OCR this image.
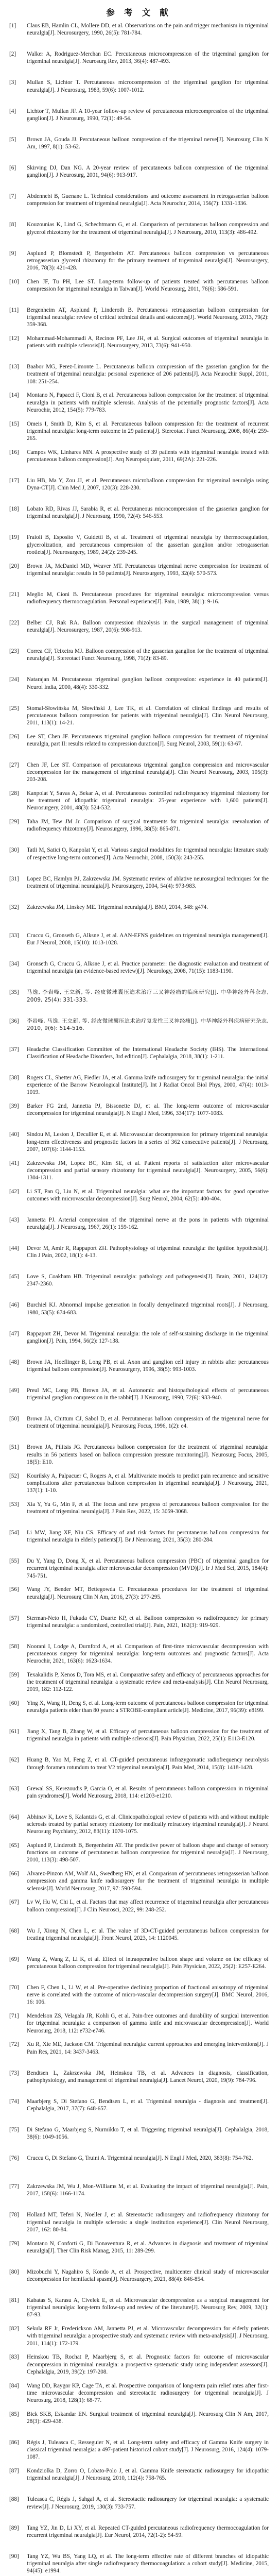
参 考 文 献
[1]	Claus EB, Hamlin CL, Mollere DD, et al. Observations on the pain and trigger mechanism in trigeminal neuralgia[J]. Neurosurgery, 1990, 26(5): 781-784.
[2]	Walker A, Rodriguez-Merchan EC. Percutaneous microcompression of the trigeminal ganglion for trigeminal neuralgia[J]. Neurosurg Rev, 2013, 36(4): 487-493.
[3]	Mullan S, Lichtor T. Percutaneous microcompression of the trigeminal ganglion for trigeminal neuralgia[J]. J Neurosurg, 1983, 59(6): 1007-1012.
[4]	Lichtor T, Mullan JF. A 10-year follow-up review of percutaneous microcompression of the trigeminal ganglion[J]. J Neurosurg, 1990, 72(1): 49-54.
[5]	Brown JA, Gouda JJ. Percutaneous balloon compression of the trigeminal nerve[J]. Neurosurg Clin N Am, 1997, 8(1): 53-62.
[6]	Skirving DJ, Dan NG. A 20-year review of percutaneous balloon compression of the trigeminal ganglion[J]. J Neurosurg, 2001, 94(6): 913-917.
[7]	Abdennebi B, Guenane L. Technical considerations and outcome assessment in retrogasserian balloon compression for treatment of trigeminal neuralgia[J]. Acta Neurochir, 2014, 156(7): 1331-1336.
[8]	Kouzounias K, Lind G, Schechtmann G, et al. Comparison of percutaneous balloon compression and glycerol rhizotomy for the treatment of trigeminal neuralgia[J]. J Neurosurg, 2010, 113(3): 486-492.
[9]	Asplund P, Blomstedt P, Bergenheim AT. Percutaneous balloon compression vs percutaneous retrogasserian glycerol rhizotomy for the primary treatment of trigeminal neuralgia[J]. Neurosurgery, 2016, 78(3): 421-428.
[10]	Chen JF, Tu PH, Lee ST. Long-term follow-up of patients treated with percutaneous balloon compression for trigeminal neuralgia in Taiwan[J]. World Neurosurg, 2011, 76(6): 586-591.
[11]	Bergenheim AT, Asplund P, Linderoth B. Percutaneous retrogasserian balloon compression for trigeminal neuralgia: review of critical technical details and outcomes[J]. World Neurosurg, 2013, 79(2): 359-368.
[12]	Mohammad-Mohammadi A, Recinos PF, Lee JH, et al. Surgical outcomes of trigeminal neuralgia in patients with multiple sclerosis[J]. Neurosurgery, 2013, 73(6): 941-950.
[13]	Baabor MG, Perez-Limonte L. Percutaneous balloon compression of the gasserian ganglion for the treatment of trigeminal neuralgia: personal experience of 206 patients[J]. Acta Neurochir Suppl, 2011, 108: 251-254.
[14]	Montano N, Papacci F, Cioni B, et al. Percutaneous balloon compression for the treatment of trigeminal neuralgia in patients with multiple sclerosis. Analysis of the potentially prognostic factors[J]. Acta Neurochir, 2012, 154(5): 779-783.
[15]	Omeis I, Smith D, Kim S, et al. Percutaneous balloon compression for the treatment of recurrent trigeminal neuralgia: long-term outcome in 29 patients[J]. Stereotact Funct Neurosurg, 2008, 86(4): 259-265.
[16]	Campos WK, Linhares MN. A prospective study of 39 patients with trigeminal neuralgia treated with percutaneous balloon compression[J]. Arq Neuropsiquiatr, 2011, 69(2A): 221-226.
[17]	Liu HB, Ma Y, Zou JJ, et al. Percutaneous microballoon compression for trigeminal neuralgia using Dyna-CT[J]. Chin Med J, 2007, 120(3): 228-230.
[18]	Lobato RD, Rivas JJ, Sarabia R, et al. Percutaneous microcompression of the gasserian ganglion for trigeminal neuralgia[J]. J Neurosurg, 1990, 72(4): 546-553.
[19]	Fraioli B, Esposito V, Guidetti B, et al. Treatment of trigeminal neuralgia by thermocoagulation, glycerolization, and percutaneous compression of the gasserian ganglion and/or retrogasserian rootlets[J]. Neurosurgery, 1989, 24(2): 239-245.
[20]	Brown JA, McDaniel MD, Weaver MT. Percutaneous trigeminal nerve compression for treatment of trigeminal neuralgia: results in 50 patients[J]. Neurosurgery, 1993, 32(4): 570-573.
[21]	Meglio M, Cioni B. Percutaneous procedures for trigeminal neuralgia: microcompression versus radiofrequency thermocoagulation. Personal experience[J]. Pain, 1989, 38(1): 9-16.
[22]	Belber CJ, Rak RA. Balloon compression rhizolysis in the surgical management of trigeminal neuralgia[J]. Neurosurgery, 1987, 20(6): 908-913.
[23]	Correa CF, Teixeira MJ. Balloon compression of the gasserian ganglion for the treatment of trigeminal neuralgia[J]. Stereotact Funct Neurosurg, 1998, 71(2): 83-89.
[24]	Natarajan M. Percutaneous trigeminal ganglion balloon compression: experience in 40 patients[J]. Neurol India, 2000, 48(4): 330-332.
[25]	Stomal-Słowińska M, Słowiński J, Lee TK, et al. Correlation of clinical findings and results of percutaneous balloon compression for patients with trigeminal neuralgia[J]. Clin Neurol Neurosurg, 2011, 113(1): 14-21.
[26]	Lee ST, Chen JF. Percutaneous trigeminal ganglion balloon compression for treatment of trigeminal neuralgia, part II: results related to compression duration[J]. Surg Neurol, 2003, 59(1): 63-67.
[27]	Chen JF, Lee ST. Comparison of percutaneous trigeminal ganglion compression and microvascular decompression for the management of trigeminal neuralgia[J]. Clin Neurol Neurosurg, 2003, 105(3): 203-208.
[28]	Kanpolat Y, Savas A, Bekar A, et al. Percutaneous controlled radiofrequency trigeminal rhizotomy for the treatment of idiopathic trigeminal neuralgia: 25-year experience with 1,600 patients[J]. Neurosurgery, 2001, 48(3): 524-532.
[29]	Taha JM, Tew JM Jr. Comparison of surgical treatments for trigeminal neuralgia: reevaluation of radiofrequency rhizotomy[J]. Neurosurgery, 1996, 38(5): 865-871.
[30]	Tatli M, Satici O, Kanpolat Y, et al. Various surgical modalities for trigeminal neuralgia: literature study of respective long-term outcomes[J]. Acta Neurochir, 2008, 150(3): 243-255.
[31]	Lopez BC, Hamlyn PJ, Zakrzewska JM. Systematic review of ablative neurosurgical techniques for the treatment of trigeminal neuralgia[J]. Neurosurgery, 2004, 54(4): 973-983.
[32]	Zakrzewska JM, Linskey ME. Trigeminal neuralgia[J]. BMJ, 2014, 348: g474.
[33]	Cruccu G, Gronseth G, Alksne J, et al. AAN-EFNS guidelines on trigeminal neuralgia management[J]. Eur J Neurol, 2008, 15(10): 1013-1028.
[34]	Gronseth G, Cruccu G, Alksne J, et al. Practice parameter: the diagnostic evaluation and treatment of trigeminal neuralgia (an evidence-based review)[J]. Neurology, 2008, 71(15): 1183-1190.
[35]	马逸, 李岩峰, 王立新, 等. 经皮微球囊压迫术治疗三叉神经痛的临床研究[J]. 中华神经外科杂志, 2009, 25(4): 331-333.
[36]	李岩峰, 马逸, 王立新, 等. 经皮微球囊压迫术治疗复发性三叉神经痛[J]. 中华神经外科疾病研究杂志, 2010, 9(6): 514-516.
[37]	Headache Classification Committee of the International Headache Society (IHS). The International Classification of Headache Disorders, 3rd edition[J]. Cephalalgia, 2018, 38(1): 1-211.
[38]	Rogers CL, Shetter AG, Fiedler JA, et al. Gamma knife radiosurgery for trigeminal neuralgia: the initial experience of the Barrow Neurological Institute[J]. Int J Radiat Oncol Biol Phys, 2000, 47(4): 1013-1019.
[39]	Barker FG 2nd, Jannetta PJ, Bissonette DJ, et al. The long-term outcome of microvascular decompression for trigeminal neuralgia[J]. N Engl J Med, 1996, 334(17): 1077-1083.
[40]	Sindou M, Leston J, Decullier E, et al. Microvascular decompression for primary trigeminal neuralgia: long-term effectiveness and prognostic factors in a series of 362 consecutive patients[J]. J Neurosurg, 2007, 107(6): 1144-1153.
[41]	Zakrzewska JM, Lopez BC, Kim SE, et al. Patient reports of satisfaction after microvascular decompression and partial sensory rhizotomy for trigeminal neuralgia[J]. Neurosurgery, 2005, 56(6): 1304-1311.
[42]	Li ST, Pan Q, Liu N, et al. Trigeminal neuralgia: what are the important factors for good operative outcomes with microvascular decompression[J]. Surg Neurol, 2004, 62(5): 400-404.
[43]	Jannetta PJ. Arterial compression of the trigeminal nerve at the pons in patients with trigeminal neuralgia[J]. J Neurosurg, 1967, 26(1): 159-162.
[44]	Devor M, Amir R, Rappaport ZH. Pathophysiology of trigeminal neuralgia: the ignition hypothesis[J]. Clin J Pain, 2002, 18(1): 4-13.
[45]	Love S, Coakham HB. Trigeminal neuralgia: pathology and pathogenesis[J]. Brain, 2001, 124(12): 2347-2360.
[46]	Burchiel KJ. Abnormal impulse generation in focally demyelinated trigeminal roots[J]. J Neurosurg, 1980, 53(5): 674-683.
[47]	Rappaport ZH, Devor M. Trigeminal neuralgia: the role of self-sustaining discharge in the trigeminal ganglion[J]. Pain, 1994, 56(2): 127-138.
[48]	Brown JA, Hoeflinger B, Long PB, et al. Axon and ganglion cell injury in rabbits after percutaneous trigeminal balloon compression[J]. Neurosurgery, 1996, 38(5): 993-1003.
[49]	Preul MC, Long PB, Brown JA, et al. Autonomic and histopathological effects of percutaneous trigeminal ganglion compression in the rabbit[J]. J Neurosurg, 1990, 72(6): 933-940.
[50]	Brown JA, Chittum CJ, Sabol D, et al. Percutaneous balloon compression of the trigeminal nerve for treatment of trigeminal neuralgia[J]. Neurosurg Focus, 1996, 1(2): e4.
[51]	Brown JA, Pilitsis JG. Percutaneous balloon compression for the treatment of trigeminal neuralgia: results in 56 patients based on balloon compression pressure monitoring[J]. Neurosurg Focus, 2005, 18(5): E10.
[52]	Kourilsky A, Palpacuer C, Rogers A, et al. Multivariate models to predict pain recurrence and sensitive complications after percutaneous balloon compression in trigeminal neuralgia[J]. J Neurosurg, 2021, 137(1): 1-10.
[53]	Xia Y, Yu G, Min F, et al. The focus and new progress of percutaneous balloon compression for the treatment of trigeminal neuralgia[J]. J Pain Res, 2022, 15: 3059-3068.
[54]	Li MW, Jiang XF, Niu CS. Efficacy of and risk factors for percutaneous balloon compression for trigeminal neuralgia in elderly patients[J]. Br J Neurosurg, 2021, 35(3): 280-284.
[55]	Du Y, Yang D, Dong X, et al. Percutaneous balloon compression (PBC) of trigeminal ganglion for recurrent trigeminal neuralgia after microvascular decompression (MVD)[J]. Ir J Med Sci, 2015, 184(4): 745-751.
[56]	Wang JY, Bender MT, Bettegowda C. Percutaneous procedures for the treatment of trigeminal neuralgia[J]. Neurosurg Clin N Am, 2016, 27(3): 277-295.
[57]	Sterman-Neto H, Fukuda CY, Duarte KP, et al. Balloon compression vs radiofrequency for primary trigeminal neuralgia: a randomized, controlled trial[J]. Pain, 2021, 162(3): 919-929.
[58]	Noorani I, Lodge A, Durnford A, et al. Comparison of first-time microvascular decompression with percutaneous surgery for trigeminal neuralgia: long-term outcomes and prognostic factors[J]. Acta Neurochir, 2021, 163(6): 1623-1634.
[59]	Texakalidis P, Xenos D, Tora MS, et al. Comparative safety and efficacy of percutaneous approaches for the treatment of trigeminal neuralgia: a systematic review and meta-analysis[J]. Clin Neurol Neurosurg, 2019, 182: 112-122.
[60]	Ying X, Wang H, Deng S, et al. Long-term outcome of percutaneous balloon compression for trigeminal neuralgia patients elder than 80 years: a STROBE-compliant article[J]. Medicine, 2017, 96(39): e8199.
[61]	Jiang X, Tang B, Zhang W, et al. Efficacy of percutaneous balloon compression for the treatment of trigeminal neuralgia in patients with multiple sclerosis[J]. Pain Physician, 2022, 25(1): E113-E120.
[62]	Huang B, Yao M, Feng Z, et al. CT-guided percutaneous infrazygomatic radiofrequency neurolysis through foramen rotundum to treat V2 trigeminal neuralgia[J]. Pain Med, 2014, 15(8): 1418-1428.
[63]	Grewal SS, Kerezoudis P, Garcia O, et al. Results of percutaneous balloon compression in trigeminal pain syndromes[J]. World Neurosurg, 2018, 114: e1203-e1210.
[64]	Abhinav K, Love S, Kalantzis G, et al. Clinicopathological review of patients with and without multiple sclerosis treated by partial sensory rhizotomy for medically refractory trigeminal neuralgia[J]. J Neurol Neurosurg Psychiatry, 2012, 83(11): 1070-1075.
[65]	Asplund P, Linderoth B, Bergenheim AT. The predictive power of balloon shape and change of sensory functions on outcome of percutaneous balloon compression for trigeminal neuralgia[J]. J Neurosurg, 2010, 113(3): 498-507.
[66]	Alvarez-Pinzon AM, Wolf AL, Swedberg HN, et al. Comparison of percutaneous retrogasserian balloon compression and gamma knife radiosurgery for the treatment of trigeminal neuralgia in multiple sclerosis[J]. World Neurosurg, 2017, 97: 590-594.
[67]	Lv W, Hu W, Chi L, et al. Factors that may affect recurrence of trigeminal neuralgia after percutaneous balloon compression[J]. J Clin Neurosci, 2022, 99: 248-252.
[68]	Wu J, Xiong N, Chen L, et al. The value of 3D-CT-guided percutaneous balloon compression for treating trigeminal neuralgia[J]. Front Neurol, 2023, 14: 1120045.
[69]	Wang Z, Wang Z, Li K, et al. Effect of intraoperative balloon shape and volume on the efficacy of percutaneous balloon compression for trigeminal neuralgia[J]. Pain Physician, 2022, 25(2): E257-E264.
[70]	Chen F, Chen L, Li W, et al. Pre-operative declining proportion of fractional anisotropy of trigeminal nerve is correlated with the outcome of micro-vascular decompression surgery[J]. BMC Neurol, 2016, 16: 106.
[71]	Mendelson ZS, Velagala JR, Kohli G, et al. Pain-free outcomes and durability of surgical intervention for trigeminal neuralgia: a comparison of gamma knife and microvascular decompression[J]. World Neurosurg, 2018, 112: e732-e746.
[72]	Xu R, Xie ME, Jackson CM. Trigeminal neuralgia: current approaches and emerging interventions[J]. J Pain Res, 2021, 14: 3437-3463.
[73]	Bendtsen L, Zakrzewska JM, Heinskou TB, et al. Advances in diagnosis, classification, pathophysiology, and management of trigeminal neuralgia[J]. Lancet Neurol, 2020, 19(9): 784-796.
[74]	Maarbjerg S, Di Stefano G, Bendtsen L, et al. Trigeminal neuralgia - diagnosis and treatment[J]. Cephalalgia, 2017, 37(7): 648-657.
[75]	Di Stefano G, Maarbjerg S, Nurmikko T, et al. Triggering trigeminal neuralgia[J]. Cephalalgia, 2018, 38(6): 1049-1056.
[76]	Cruccu G, Di Stefano G, Truini A. Trigeminal neuralgia[J]. N Engl J Med, 2020, 383(8): 754-762.
[77]	Zakrzewska JM, Wu J, Mon-Williams M, et al. Evaluating the impact of trigeminal neuralgia[J]. Pain, 2017, 158(6): 1166-1174.
[78]	Holland MT, Teferi N, Noeller J, et al. Stereotactic radiosurgery and radiofrequency rhizotomy for trigeminal neuralgia in multiple sclerosis: a single institution experience[J]. Clin Neurol Neurosurg, 2017, 162: 80-84.
[79]	Montano N, Conforti G, Di Bonaventura R, et al. Advances in diagnosis and treatment of trigeminal neuralgia[J]. Ther Clin Risk Manag, 2015, 11: 289-299.
[80]	Mizobuchi Y, Nagahiro S, Kondo A, et al. Prospective, multicenter clinical study of microvascular decompression for hemifacial spasm[J]. Neurosurgery, 2021, 88(4): 846-854.
[81]	Kabatas S, Karasu A, Civelek E, et al. Microvascular decompression as a surgical management for trigeminal neuralgia: long-term follow-up and review of the literature[J]. Neurosurg Rev, 2009, 32(1): 87-93.
[82]	Sekula RF Jr, Frederickson AM, Jannetta PJ, et al. Microvascular decompression for elderly patients with trigeminal neuralgia: a prospective study and systematic review with meta-analysis[J]. J Neurosurg, 2011, 114(1): 172-179.
[83]	Heinskou TB, Rochat P, Maarbjerg S, et al. Prognostic factors for outcome of microvascular decompression in trigeminal neuralgia: a prospective systematic study using independent assessors[J]. Cephalalgia, 2019, 39(2): 197-208.
[84]	Wang DD, Raygor KP, Cage TA, et al. Prospective comparison of long-term pain relief rates after first-time microvascular decompression and stereotactic radiosurgery for trigeminal neuralgia[J]. J Neurosurg, 2018, 128(1): 68-77.
[85]	Bick SKB, Eskandar EN. Surgical treatment of trigeminal neuralgia[J]. Neurosurg Clin N Am, 2017, 28(3): 429-438.
[86]	Régis J, Tuleasca C, Resseguier N, et al. Long-term safety and efficacy of Gamma Knife surgery in classical trigeminal neuralgia: a 497-patient historical cohort study[J]. J Neurosurg, 2016, 124(4): 1079-1087.
[87]	Kondziolka D, Zorro O, Lobato-Polo J, et al. Gamma Knife stereotactic radiosurgery for idiopathic trigeminal neuralgia[J]. J Neurosurg, 2010, 112(4): 758-765.
[88]	Tuleasca C, Régis J, Sahgal A, et al. Stereotactic radiosurgery for trigeminal neuralgia: a systematic review[J]. J Neurosurg, 2019, 130(3): 733-757.
[89]	Tang YZ, Jin D, Li XY, et al. Repeated CT-guided percutaneous radiofrequency thermocoagulation for recurrent trigeminal neuralgia[J]. Eur Neurol, 2014, 72(1-2): 54-59.
[90]	Tang YZ, Wu BS, Yang LQ, et al. The long-term effective rate of different branches of idiopathic trigeminal neuralgia after single radiofrequency thermocoagulation: a cohort study[J]. Medicine, 2015, 94(45): e1994.
